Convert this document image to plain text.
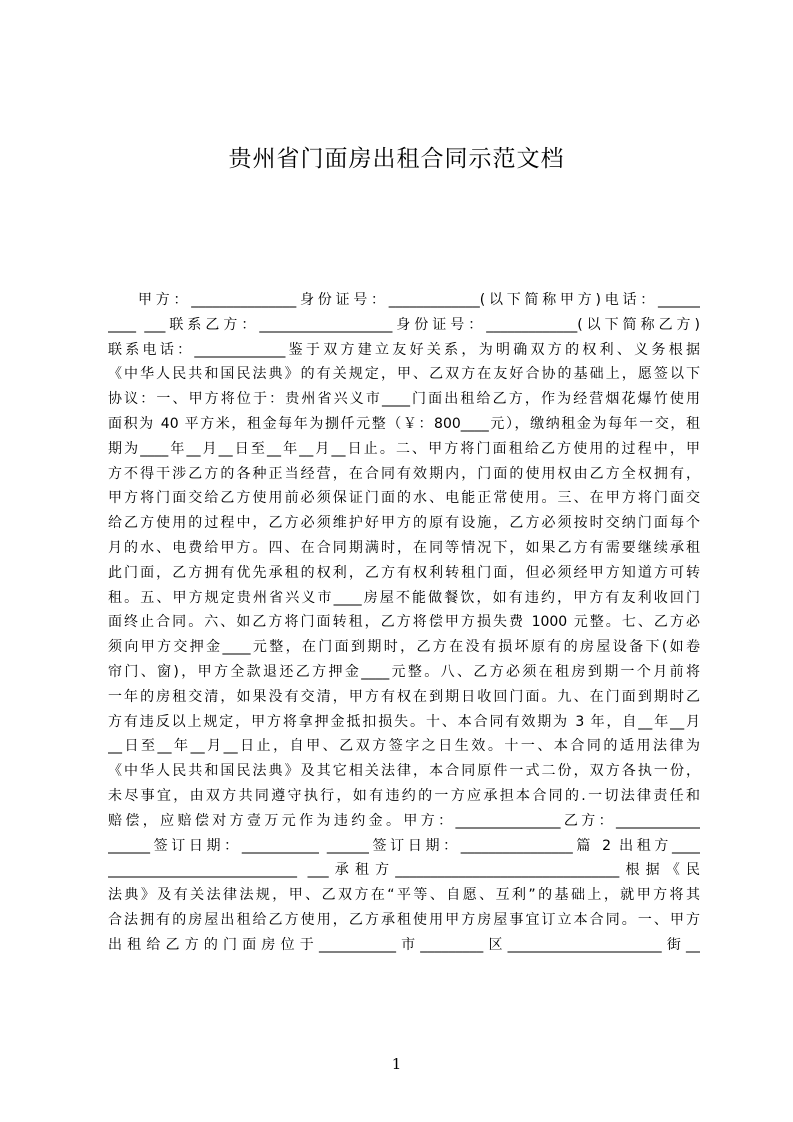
贵州省门面房出租合同示范文档
甲方：_______________身份证号：_____________(以下简称甲方)电话：______
____ ___联系乙方：___________________身份证号：_____________(以下简称乙方)
联系电话：_____________鉴于双方建立友好关系，为明确双方的权利、义务根据
《中华人民共和国民法典》的有关规定，甲、乙双方在友好合协的基础上，愿签以下
协议：一、甲方将位于：贵州省兴义市____门面出租给乙方，作为经营烟花爆竹使用
面积为 40 平方米，租金每年为捌仟元整（￥：800____元），缴纳租金为每年一交，租
期为____年__月__日至__年__月__日止。二、甲方将门面租给乙方使用的过程中，甲
方不得干涉乙方的各种正当经营，在合同有效期内，门面的使用权由乙方全权拥有，
甲方将门面交给乙方使用前必须保证门面的水、电能正常使用。三、在甲方将门面交
给乙方使用的过程中，乙方必须维护好甲方的原有设施，乙方必须按时交纳门面每个
月的水、电费给甲方。四、在合同期满时，在同等情况下，如果乙方有需要继续承租
此门面，乙方拥有优先承租的权利，乙方有权利转租门面，但必须经甲方知道方可转
租。五、甲方规定贵州省兴义市____房屋不能做餐饮，如有违约，甲方有友利收回门
面终止合同。六、如乙方将门面转租，乙方将偿甲方损失费 1000 元整。七、乙方必
须向甲方交押金____元整，在门面到期时，乙方在没有损坏原有的房屋设备下(如卷
帘门、窗)，甲方全款退还乙方押金____元整。八、乙方必须在租房到期一个月前将
一年的房租交清，如果没有交清，甲方有权在到期日收回门面。九、在门面到期时乙
方有违反以上规定，甲方将拿押金抵扣损失。十、本合同有效期为 3 年，自__年__月
__日至__年__月__日止，自甲、乙双方签字之日生效。十一、本合同的适用法律为
《中华人民共和国民法典》及其它相关法律，本合同原件一式二份，双方各执一份，
未尽事宜，由双方共同遵守执行，如有违约的一方应承担本合同的.一切法律责任和
赔偿，应赔偿对方壹万元作为违约金。甲方：_______________乙方：____________
______签订日期：___________ ______签订日期：________________篇 2 出租方____
___________________________ ___承租方________________________________根据《民
法典》及有关法律法规，甲、乙双方在“平等、自愿、互利”的基础上，就甲方将其
合法拥有的房屋出租给乙方使用，乙方承租使用甲方房屋事宜订立本合同。一、甲方
出租给乙方的门面房位于___________市_________区______________________街__
1
